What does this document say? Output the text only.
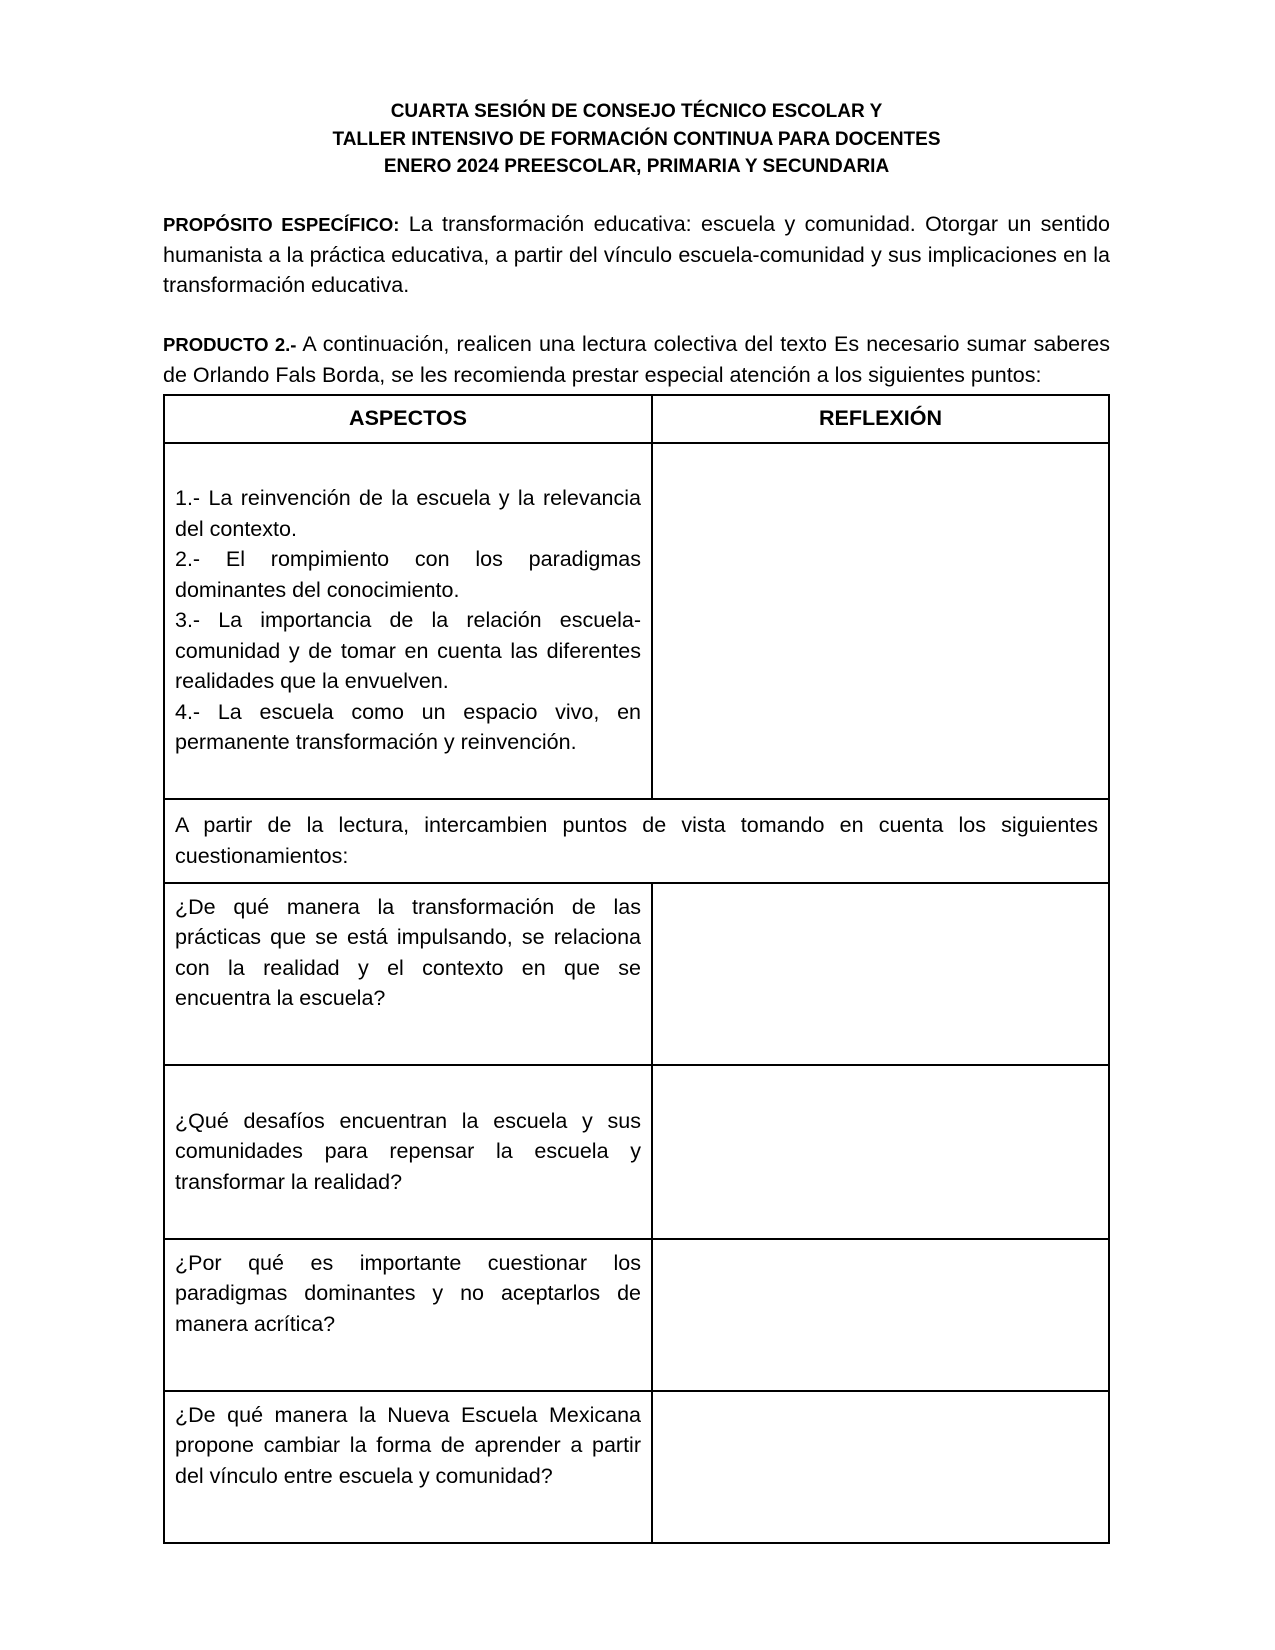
CUARTA SESIÓN DE CONSEJO TÉCNICO ESCOLAR Y
TALLER INTENSIVO DE FORMACIÓN CONTINUA PARA DOCENTES
ENERO 2024 PREESCOLAR, PRIMARIA Y SECUNDARIA

PROPÓSITO ESPECÍFICO: La transformación educativa: escuela y comunidad. Otorgar un sentido humanista a la práctica educativa, a partir del vínculo escuela-comunidad y sus implicaciones en la transformación educativa.

PRODUCTO 2.- A continuación, realicen una lectura colectiva del texto Es necesario sumar saberes de Orlando Fals Borda, se les recomienda prestar especial atención a los siguientes puntos:

ASPECTOS	REFLEXIÓN

1.- La reinvención de la escuela y la relevancia del contexto.
2.- El rompimiento con los paradigmas dominantes del conocimiento.
3.- La importancia de la relación escuela-comunidad y de tomar en cuenta las diferentes realidades que la envuelven.
4.- La escuela como un espacio vivo, en permanente transformación y reinvención.	

A partir de la lectura, intercambien puntos de vista tomando en cuenta los siguientes cuestionamientos:	
¿De qué manera la transformación de las prácticas que se está impulsando, se relaciona con la realidad y el contexto en que se encuentra la escuela?	
¿Qué desafíos encuentran la escuela y sus comunidades para repensar la escuela y transformar la realidad?	
¿Por qué es importante cuestionar los paradigmas dominantes y no aceptarlos de manera acrítica?	
¿De qué manera la Nueva Escuela Mexicana propone cambiar la forma de aprender a partir del vínculo entre escuela y comunidad?	
